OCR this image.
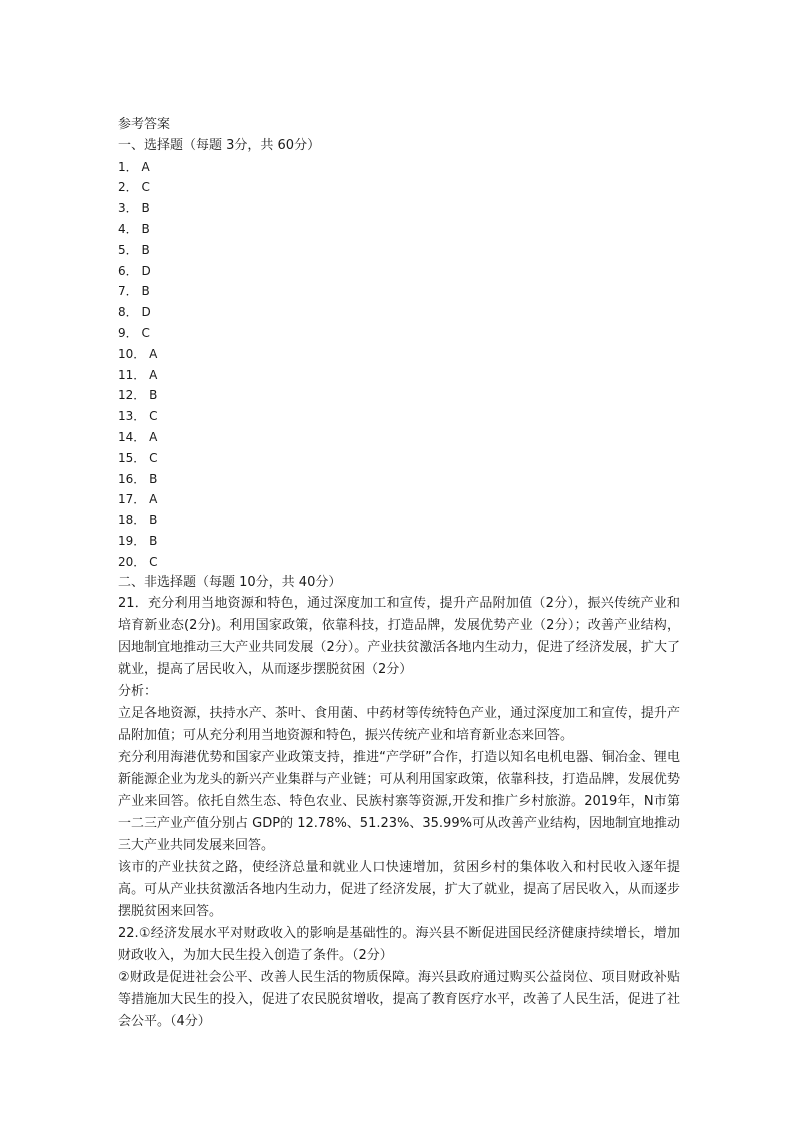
参考答案
一、选择题（每题 3分，共 60分）
1． A
2． C
3． B
4． B
5． B
6． D
7． B
8． D
9． C
10． A
11． A
12． B
13． C
14． A
15． C
16． B
17． A
18． B
19． B
20． C
二、非选择题（每题 10分，共 40分）
21．充分利用当地资源和特色，通过深度加工和宣传，提升产品附加值（2分），振兴传统产业和培育新业态(2分)。利用国家政策，依靠科技，打造品牌，发展优势产业（2分）；改善产业结构，因地制宜地推动三大产业共同发展（2分）。产业扶贫激活各地内生动力，促进了经济发展，扩大了就业，提高了居民收入，从而逐步摆脱贫困（2分）
分析：
立足各地资源，扶持水产、茶叶、食用菌、中药材等传统特色产业，通过深度加工和宣传，提升产品附加值；可从充分利用当地资源和特色，振兴传统产业和培育新业态来回答。
充分利用海港优势和国家产业政策支持，推进“产学研”合作，打造以知名电机电器、铜冶金、锂电新能源企业为龙头的新兴产业集群与产业链；可从利用国家政策，依靠科技，打造品牌，发展优势产业来回答。依托自然生态、特色农业、民族村寨等资源,开发和推广乡村旅游。2019年，N市第一二三产业产值分别占 GDP的 12.78%、51.23%、35.99%可从改善产业结构，因地制宜地推动三大产业共同发展来回答。
该市的产业扶贫之路，使经济总量和就业人口快速增加，贫困乡村的集体收入和村民收入逐年提高。可从产业扶贫激活各地内生动力，促进了经济发展，扩大了就业，提高了居民收入，从而逐步摆脱贫困来回答。
22.①经济发展水平对财政收入的影响是基础性的。海兴县不断促进国民经济健康持续增长，增加财政收入，为加大民生投入创造了条件。（2分）
②财政是促进社会公平、改善人民生活的物质保障。海兴县政府通过购买公益岗位、项目财政补贴等措施加大民生的投入，促进了农民脱贫增收，提高了教育医疗水平，改善了人民生活，促进了社会公平。（4分）
